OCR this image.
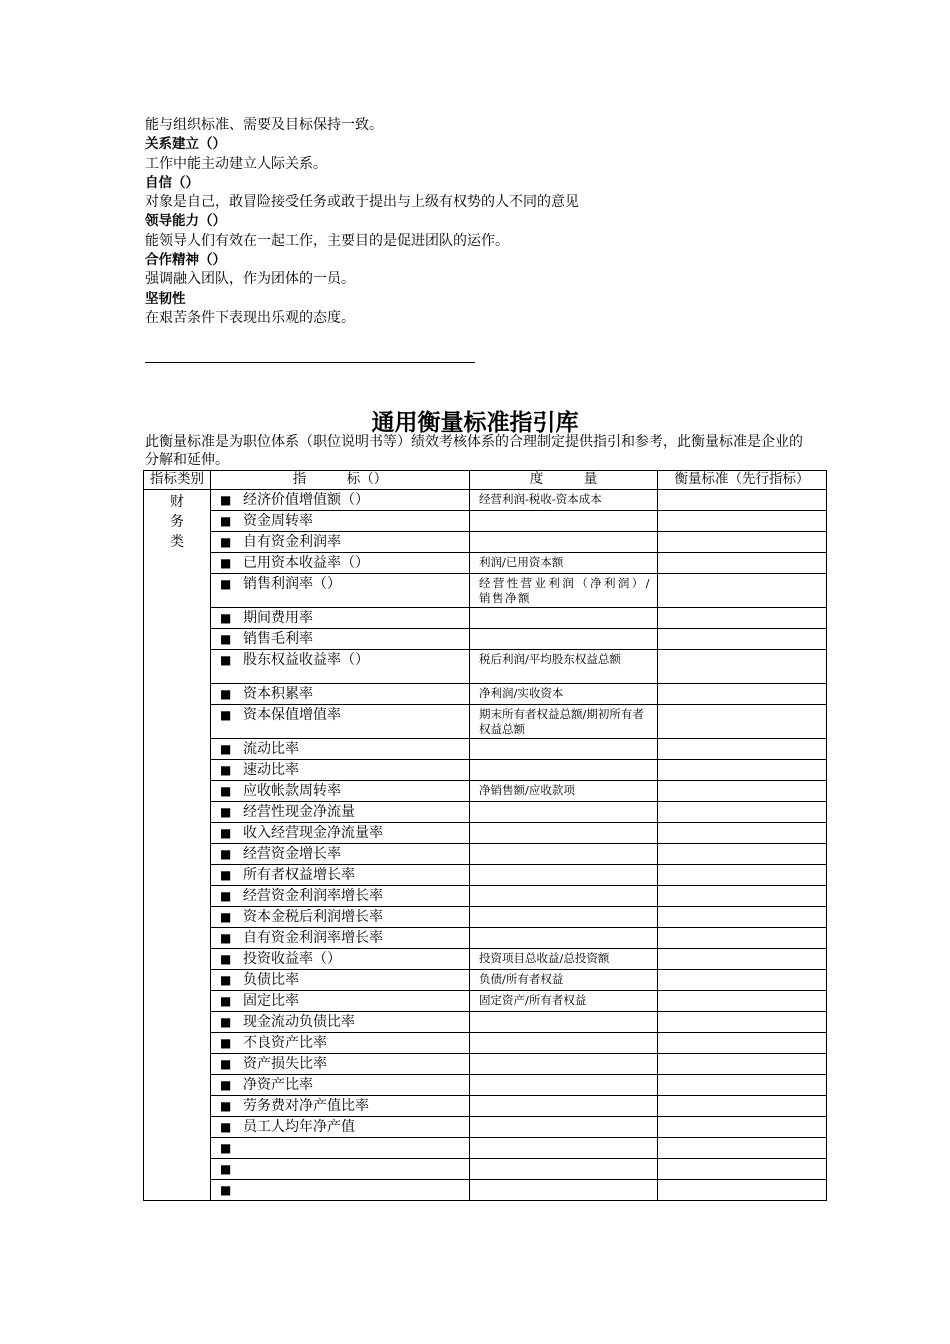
能与组织标准、需要及目标保持一致。
关系建立（）
工作中能主动建立人际关系。
自信（）
对象是自己，敢冒险接受任务或敢于提出与上级有权势的人不同的意见
领导能力（）
能领导人们有效在一起工作，主要目的是促进团队的运作。
合作精神（）
强调融入团队，作为团体的一员。
坚韧性
在艰苦条件下表现出乐观的态度。
通用衡量标准指引库
此衡量标准是为职位体系（职位说明书等）绩效考核体系的合理制定提供指引和参考，此衡量标准是企业的分解和延伸。
指标类别	指　　　标（）	度　　　量	衡量标准（先行指标）

财务类	■ 经济价值增值额（）	经营利润-税收-资本成本	
	■ 资金周转率		
	■ 自有资金利润率		
	■ 已用资本收益率（）	利润/已用资本额	
	■ 销售利润率（）	经营性营业利润（净利润）/销售净额	
	■ 期间费用率		
	■ 销售毛利率		
	■ 股东权益收益率（）	税后利润/平均股东权益总额	
	■ 资本积累率	净利润/实收资本	
	■ 资本保值增值率	期末所有者权益总额/期初所有者权益总额	
	■ 流动比率		
	■ 速动比率		
	■ 应收帐款周转率	净销售额/应收款项	
	■ 经营性现金净流量		
	■ 收入经营现金净流量率		
	■ 经营资金增长率		
	■ 所有者权益增长率		
	■ 经营资金利润率增长率		
	■ 资本金税后利润增长率		
	■ 自有资金利润率增长率		
	■ 投资收益率（）	投资项目总收益/总投资额	
	■ 负债比率	负债/所有者权益	
	■ 固定比率	固定资产/所有者权益	
	■ 现金流动负债比率		
	■ 不良资产比率		
	■ 资产损失比率		
	■ 净资产比率		
	■ 劳务费对净产值比率		
	■ 员工人均年净产值		
	■		
	■		
	■		
